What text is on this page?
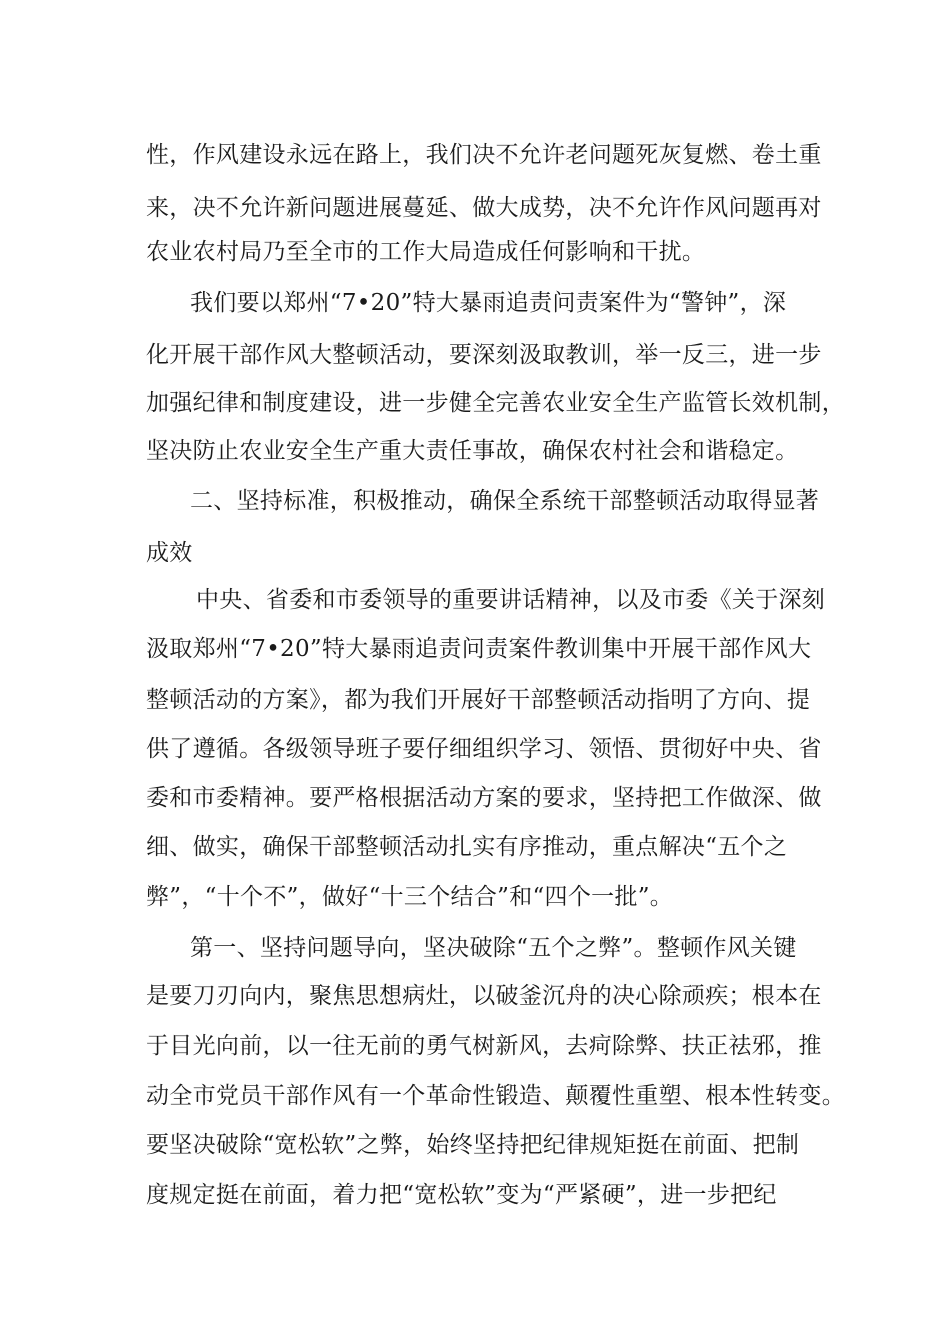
性，作风建设永远在路上，我们决不允许老问题死灰复燃、卷土重

来，决不允许新问题进展蔓延、做大成势，决不允许作风问题再对

农业农村局乃至全市的工作大局造成任何影响和干扰。

我们要以郑州“7•20”特大暴雨追责问责案件为“警钟”，深

化开展干部作风大整顿活动，要深刻汲取教训，举一反三，进一步

加强纪律和制度建设，进一步健全完善农业安全生产监管长效机制，

坚决防止农业安全生产重大责任事故，确保农村社会和谐稳定。

二、坚持标准，积极推动，确保全系统干部整顿活动取得显著

成效

中央、省委和市委领导的重要讲话精神，以及市委《关于深刻

汲取郑州“7•20”特大暴雨追责问责案件教训集中开展干部作风大

整顿活动的方案》，都为我们开展好干部整顿活动指明了方向、提

供了遵循。各级领导班子要仔细组织学习、领悟、贯彻好中央、省

委和市委精神。要严格根据活动方案的要求，坚持把工作做深、做

细、做实，确保干部整顿活动扎实有序推动，重点解决“五个之

弊”，“十个不”，做好“十三个结合”和“四个一批”。

第一、坚持问题导向，坚决破除“五个之弊”。整顿作风关键

是要刀刃向内，聚焦思想病灶，以破釜沉舟的决心除顽疾；根本在

于目光向前，以一往无前的勇气树新风，去疴除弊、扶正祛邪，推

动全市党员干部作风有一个革命性锻造、颠覆性重塑、根本性转变。

要坚决破除“宽松软”之弊，始终坚持把纪律规矩挺在前面、把制

度规定挺在前面，着力把“宽松软”变为“严紧硬”，进一步把纪
